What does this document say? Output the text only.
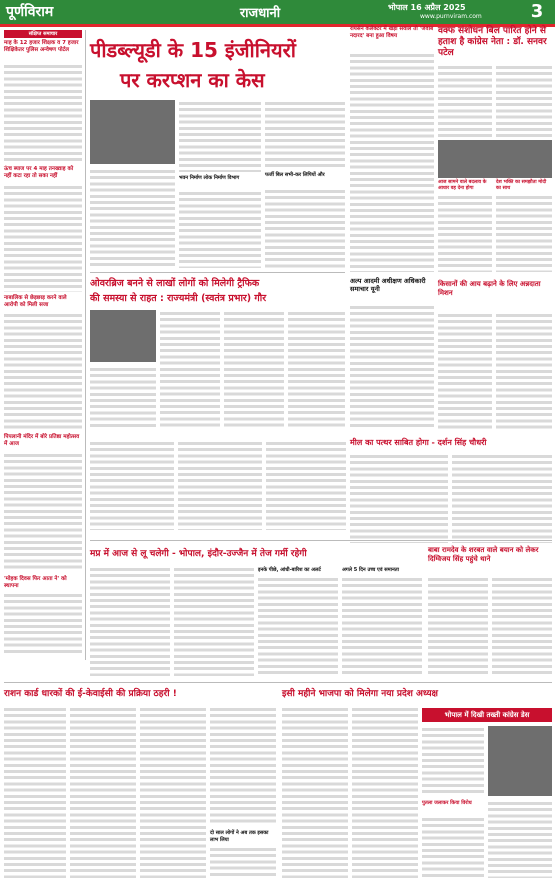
पूर्णविराम	राजधानी	भोपाल 16 अप्रैल 2025
www.purnviram.com	3
संक्षिप्त समाचार
माह के 12 हजार शिक्षक व 7 हजार शिक्षिकेतर पुलिस अन्वेषण पोर्टल
ऊंच ब्याज पर 4 माह तनख्वाह को नहीं कटा रहा तो सका नहीं
नाबालिक से छेड़छाड़ करने वाले आरोपी को मिली सजा
पिपलानी मंदिर में बोरे प्रतिष्ठा महोत्सव में आज
'मोहक दिवस फिर आता ने' को स्थापना
पीडब्ल्यूडी के 15 इंजीनियरों
पर करप्शन का केस
भवन निर्माण लोक निर्माण विभाग	फर्जी बिल सभी-कर लिपियों और
रायसेन कलेक्टर में खड़ा सवाल तो 'जवाब नदारद' बना हुआ विषय	वक्फ संशोधन बिल पारित होने से हताश है कांग्रेस नेता : डॉ. सनवर पटेल
आज सामने वाले बदलाव के आधार वह देना होगा
देश भक्ति का समझौता मोदी का साथ
ओवरब्रिज बनने से लाखों लोगों को मिलेगी ट्रैफिक
की समस्या से राहत : राज्यमंत्री (स्वतंत्र प्रभार) गौर
अल्प आदमी अधीक्षण अधिकारी समाचार यूनी
किसानों की आय बढ़ाने के लिए अन्नदाता मिशन
मील का पत्थर साबित होगा - दर्शन सिंह चौधरी
मप्र में आज से लू चलेगी - भोपाल, इंदौर-उज्जैन में तेज गर्मी रहेगी
इनके पीछे, आंधी-बारिश का अलर्ट	अगले 5 दिन उच्च एवं समानता
बाबा रामदेव के शरबत वाले बयान को लेकर दिग्विजय सिंह पहुंचे थाने
राशन कार्ड धारकों की ई-केवाईसी की प्रक्रिया ठहरी !
दो साल लोगों ने अब तक इसका लाभ लिया
इसी महीने भाजपा को मिलेगा नया प्रदेश अध्यक्ष
भोपाल में दिखी तख्ती कांग्रेस डेस
पुतला जलाकर किया विरोध
